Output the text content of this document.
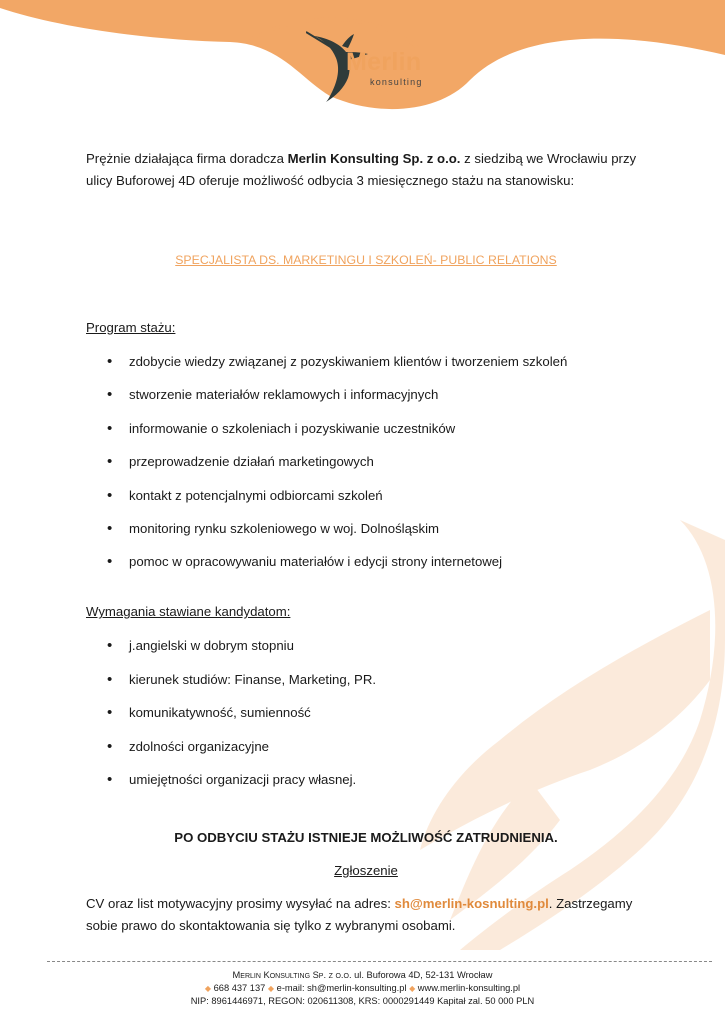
Merlin
konsulting

Prężnie działająca firma doradcza Merlin Konsulting Sp. z o.o. z siedzibą we Wrocławiu przy ulicy Buforowej 4D oferuje możliwość odbycia 3 miesięcznego stażu na stanowisku:

SPECJALISTA DS. MARKETINGU I SZKOLEŃ- PUBLIC RELATIONS

Program stażu:

• zdobycie wiedzy związanej z pozyskiwaniem klientów i tworzeniem szkoleń
• stworzenie materiałów reklamowych i informacyjnych
• informowanie o szkoleniach i pozyskiwanie uczestników
• przeprowadzenie działań marketingowych
• kontakt z potencjalnymi odbiorcami szkoleń
• monitoring rynku szkoleniowego w woj. Dolnośląskim
• pomoc w opracowywaniu materiałów i edycji strony internetowej

Wymagania stawiane kandydatom:

• j.angielski w dobrym stopniu
• kierunek studiów: Finanse, Marketing, PR.
• komunikatywność, sumienność
• zdolności organizacyjne
• umiejętności organizacji pracy własnej.
PO ODBYCIU STAŻU ISTNIEJE MOŻLIWOŚĆ ZATRUDNIENIA.
Zgłoszenie

CV oraz list motywacyjny prosimy wysyłać na adres: sh@merlin-kosnulting.pl. Zastrzegamy sobie prawo do skontaktowania się tylko z wybranymi osobami.

Merlin Konsulting Sp. z o.o. ul. Buforowa 4D, 52-131 Wrocław
◆ 668 437 137 ◆ e-mail: sh@merlin-konsulting.pl ◆ www.merlin-konsulting.pl
NIP: 8961446971, REGON: 020611308, KRS: 0000291449 Kapitał zal. 50 000 PLN
